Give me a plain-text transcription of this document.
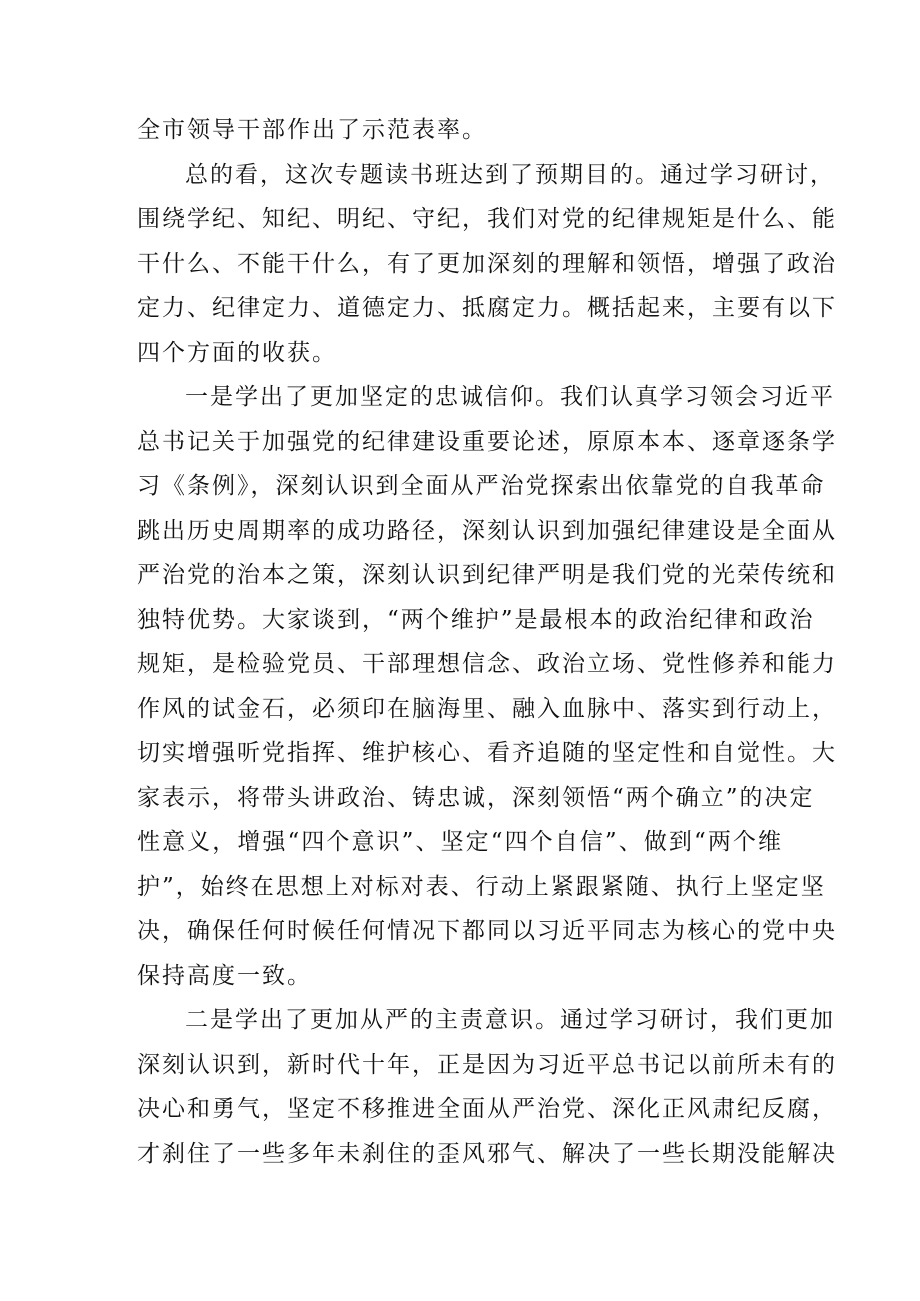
全市领导干部作出了示范表率。
总的看，这次专题读书班达到了预期目的。通过学习研讨，
围绕学纪、知纪、明纪、守纪，我们对党的纪律规矩是什么、能
干什么、不能干什么，有了更加深刻的理解和领悟，增强了政治
定力、纪律定力、道德定力、抵腐定力。概括起来，主要有以下
四个方面的收获。
一是学出了更加坚定的忠诚信仰。我们认真学习领会习近平
总书记关于加强党的纪律建设重要论述，原原本本、逐章逐条学
习《条例》，深刻认识到全面从严治党探索出依靠党的自我革命
跳出历史周期率的成功路径，深刻认识到加强纪律建设是全面从
严治党的治本之策，深刻认识到纪律严明是我们党的光荣传统和
独特优势。大家谈到，“两个维护”是最根本的政治纪律和政治
规矩，是检验党员、干部理想信念、政治立场、党性修养和能力
作风的试金石，必须印在脑海里、融入血脉中、落实到行动上，
切实增强听党指挥、维护核心、看齐追随的坚定性和自觉性。大
家表示，将带头讲政治、铸忠诚，深刻领悟“两个确立”的决定
性意义，增强“四个意识”、坚定“四个自信”、做到“两个维
护”，始终在思想上对标对表、行动上紧跟紧随、执行上坚定坚
决，确保任何时候任何情况下都同以习近平同志为核心的党中央
保持高度一致。
二是学出了更加从严的主责意识。通过学习研讨，我们更加
深刻认识到，新时代十年，正是因为习近平总书记以前所未有的
决心和勇气，坚定不移推进全面从严治党、深化正风肃纪反腐，
才刹住了一些多年未刹住的歪风邪气、解决了一些长期没能解决
